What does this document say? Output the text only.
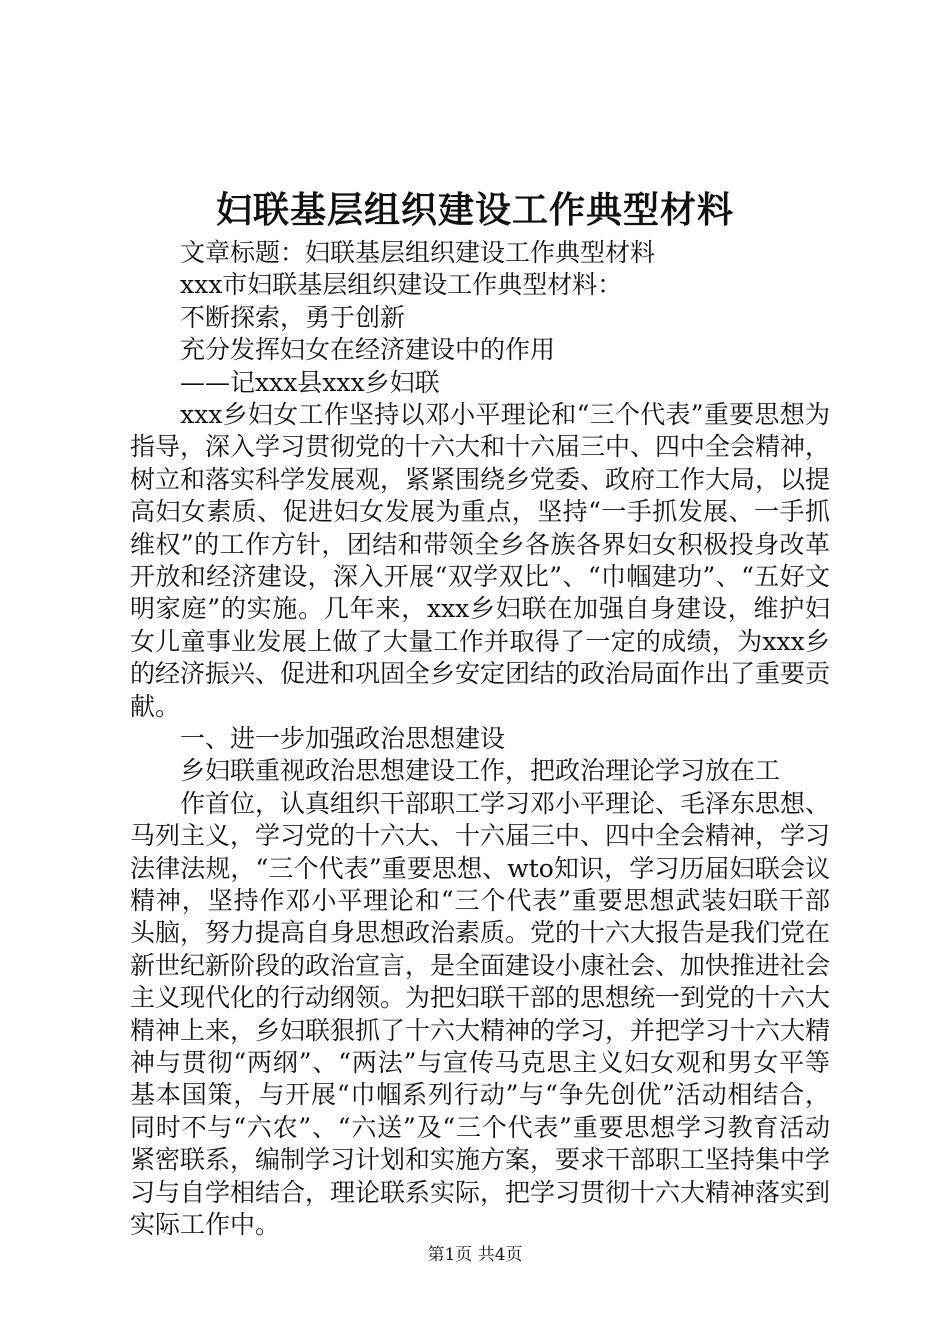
妇联基层组织建设工作典型材料
文章标题：妇联基层组织建设工作典型材料
xxx市妇联基层组织建设工作典型材料：
不断探索，勇于创新
充分发挥妇女在经济建设中的作用
——记xxx县xxx乡妇联
xxx乡妇女工作坚持以邓小平理论和“三个代表”重要思想为指导，深入学习贯彻党的十六大和十六届三中、四中全会精神，树立和落实科学发展观，紧紧围绕乡党委、政府工作大局，以提高妇女素质、促进妇女发展为重点，坚持“一手抓发展、一手抓维权”的工作方针，团结和带领全乡各族各界妇女积极投身改革开放和经济建设，深入开展“双学双比”、“巾帼建功”、“五好文明家庭”的实施。几年来，xxx乡妇联在加强自身建设，维护妇女儿童事业发展上做了大量工作并取得了一定的成绩，为xxx乡的经济振兴、促进和巩固全乡安定团结的政治局面作出了重要贡献。
一、进一步加强政治思想建设
乡妇联重视政治思想建设工作，把政治理论学习放在工
作首位，认真组织干部职工学习邓小平理论、毛泽东思想、马列主义，学习党的十六大、十六届三中、四中全会精神，学习法律法规，“三个代表”重要思想、wto知识，学习历届妇联会议精神，坚持作邓小平理论和“三个代表”重要思想武装妇联干部头脑，努力提高自身思想政治素质。党的十六大报告是我们党在新世纪新阶段的政治宣言，是全面建设小康社会、加快推进社会主义现代化的行动纲领。为把妇联干部的思想统一到党的十六大精神上来，乡妇联狠抓了十六大精神的学习，并把学习十六大精神与贯彻“两纲”、“两法”与宣传马克思主义妇女观和男女平等基本国策，与开展“巾帼系列行动”与“争先创优”活动相结合，同时不与“六农”、“六送”及“三个代表”重要思想学习教育活动紧密联系，编制学习计划和实施方案，要求干部职工坚持集中学习与自学相结合，理论联系实际，把学习贯彻十六大精神落实到实际工作中。
第1页 共4页
